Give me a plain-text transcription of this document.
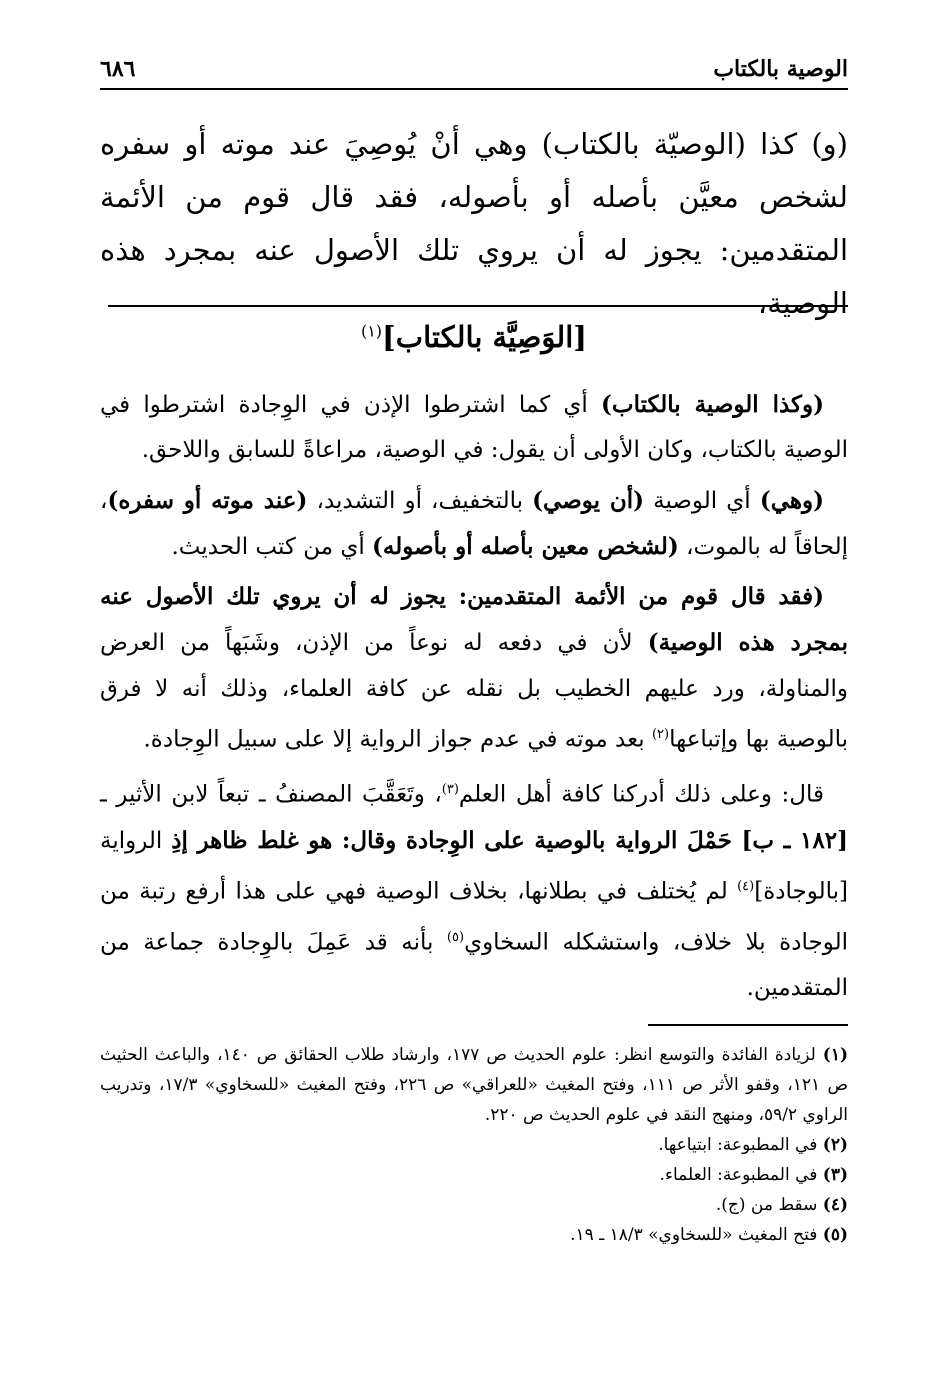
الوصية بالكتاب
٦٨٦
(و) كذا (الوصيّة بالكتاب) وهي أنْ يُوصِيَ عند موته أو سفره لشخص معيَّن بأصله أو بأصوله، فقد قال قوم من الأئمة المتقدمين: يجوز له أن يروي تلك الأصول عنه بمجرد هذه الوصية،
[الوَصِيَّة بالكتاب]$^{(١)}$

(وكذا الوصية بالكتاب) أي كما اشترطوا الإذن في الوِجادة اشترطوا في الوصية بالكتاب، وكان الأولى أن يقول: في الوصية، مراعاةً للسابق واللاحق.

(وهي) أي الوصية (أن يوصي) بالتخفيف، أو التشديد، (عند موته أو سفره)، إلحاقاً له بالموت، (لشخص معين بأصله أو بأصوله) أي من كتب الحديث.

(فقد قال قوم من الأئمة المتقدمين: يجوز له أن يروي تلك الأصول عنه بمجرد هذه الوصية) لأن في دفعه له نوعاً من الإذن، وشَبَهاً من العرض والمناولة، ورد عليهم الخطيب بل نقله عن كافة العلماء، وذلك أنه لا فرق بالوصية بها وإتباعها$^{(٢)}$ بعد موته في عدم جواز الرواية إلا على سبيل الوِجادة.

قال: وعلى ذلك أدركنا كافة أهل العلم$^{(٣)}$، وتَعَقَّبَ المصنفُ ـ تبعاً لابن الأثير ـ [١٨٢ ـ ب] حَمْلَ الرواية بالوصية على الوِجادة وقال: هو غلط ظاهر إذِ الرواية [بالوجادة]$^{(٤)}$ لم يُختلف في بطلانها، بخلاف الوصية فهي على هذا أرفع رتبة من الوجادة بلا خلاف، واستشكله السخاوي$^{(٥)}$ بأنه قد عَمِلَ بالوِجادة جماعة من المتقدمين.

(١) لزيادة الفائدة والتوسع انظر: علوم الحديث ص ١٧٧، وارشاد طلاب الحقائق ص ١٤٠، والباعث الحثيث ص ١٢١، وقفو الأثر ص ١١١، وفتح المغيث «للعراقي» ص ٢٢٦، وفتح المغيث «للسخاوي» ١٧/٣، وتدريب الراوي ٥٩/٢، ومنهج النقد في علوم الحديث ص ٢٢٠.
(٢) في المطبوعة: ابتياعها.
(٣) في المطبوعة: العلماء.
(٤) سقط من (ج).
(٥) فتح المغيث «للسخاوي» ١٨/٣ ـ ١٩.
